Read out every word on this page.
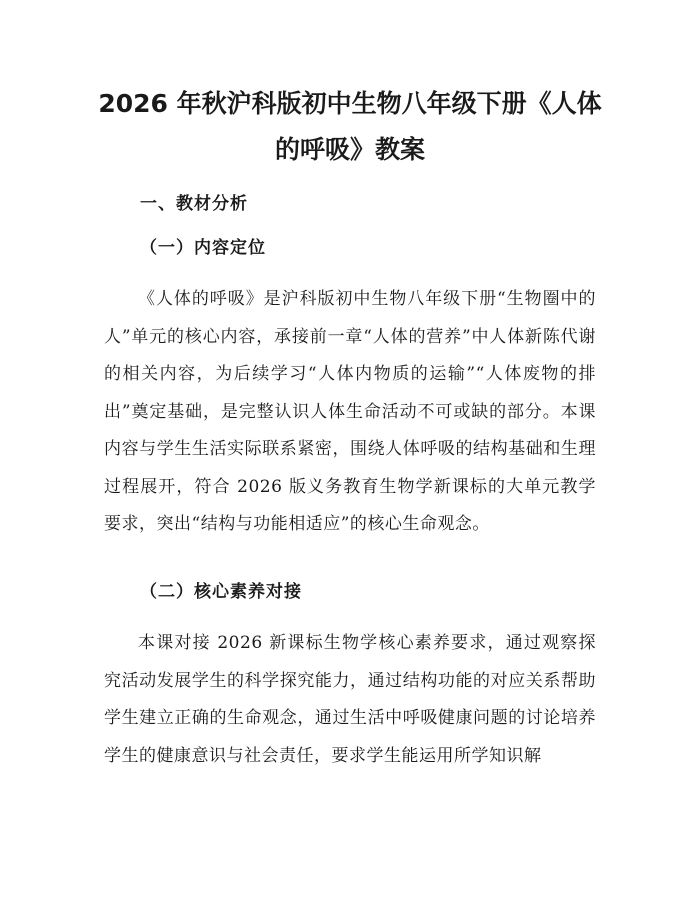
2026 年秋沪科版初中生物八年级下册《人体
的呼吸》教案
一、教材分析
（一）内容定位

《人体的呼吸》是沪科版初中生物八年级下册“生物圈中的人”单元的核心内容，承接前一章“人体的营养”中人体新陈代谢的相关内容，为后续学习“人体内物质的运输”“人体废物的排出”奠定基础，是完整认识人体生命活动不可或缺的部分。本课内容与学生生活实际联系紧密，围绕人体呼吸的结构基础和生理过程展开，符合 2026 版义务教育生物学新课标的大单元教学要求，突出“结构与功能相适应”的核心生命观念。

（二）核心素养对接

本课对接 2026 新课标生物学核心素养要求，通过观察探究活动发展学生的科学探究能力，通过结构功能的对应关系帮助学生建立正确的生命观念，通过生活中呼吸健康问题的讨论培养学生的健康意识与社会责任，要求学生能运用所学知识解
